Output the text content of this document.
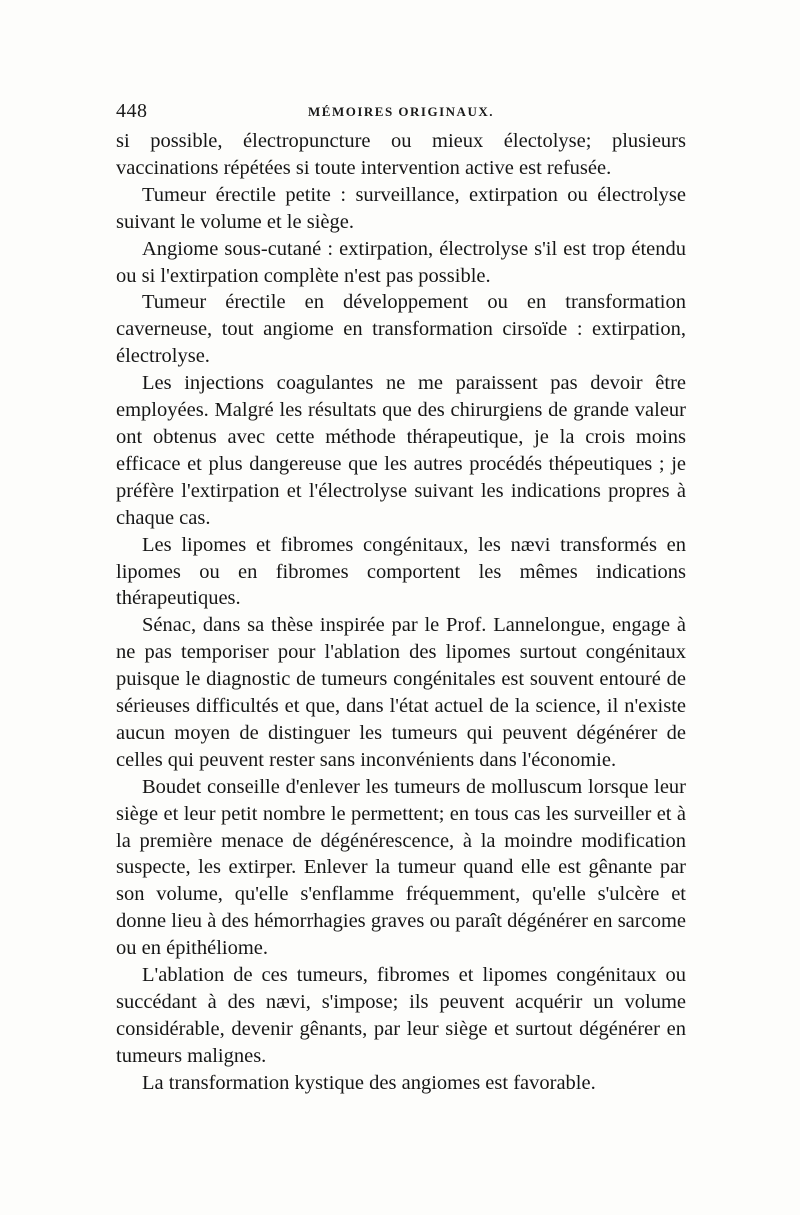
448	MÉMOIRES ORIGINAUX.

si possible, électropuncture ou mieux électolyse; plusieurs vaccinations répétées si toute intervention active est refusée.

Tumeur érectile petite : surveillance, extirpation ou électrolyse suivant le volume et le siège.

Angiome sous-cutané : extirpation, électrolyse s'il est trop étendu ou si l'extirpation complète n'est pas possible.

Tumeur érectile en développement ou en transformation caverneuse, tout angiome en transformation cirsoïde : extirpation, électrolyse.

Les injections coagulantes ne me paraissent pas devoir être employées. Malgré les résultats que des chirurgiens de grande valeur ont obtenus avec cette méthode thérapeutique, je la crois moins efficace et plus dangereuse que les autres procédés thépeutiques ; je préfère l'extirpation et l'électrolyse suivant les indications propres à chaque cas.

Les lipomes et fibromes congénitaux, les nævi transformés en lipomes ou en fibromes comportent les mêmes indications thérapeutiques.

Sénac, dans sa thèse inspirée par le Prof. Lannelongue, engage à ne pas temporiser pour l'ablation des lipomes surtout congénitaux puisque le diagnostic de tumeurs congénitales est souvent entouré de sérieuses difficultés et que, dans l'état actuel de la science, il n'existe aucun moyen de distinguer les tumeurs qui peuvent dégénérer de celles qui peuvent rester sans inconvénients dans l'économie.

Boudet conseille d'enlever les tumeurs de molluscum lorsque leur siège et leur petit nombre le permettent; en tous cas les surveiller et à la première menace de dégénérescence, à la moindre modification suspecte, les extirper. Enlever la tumeur quand elle est gênante par son volume, qu'elle s'enflamme fréquemment, qu'elle s'ulcère et donne lieu à des hémorrhagies graves ou paraît dégénérer en sarcome ou en épithéliome.

L'ablation de ces tumeurs, fibromes et lipomes congénitaux ou succédant à des nævi, s'impose; ils peuvent acquérir un volume considérable, devenir gênants, par leur siège et surtout dégénérer en tumeurs malignes.

La transformation kystique des angiomes est favorable.
